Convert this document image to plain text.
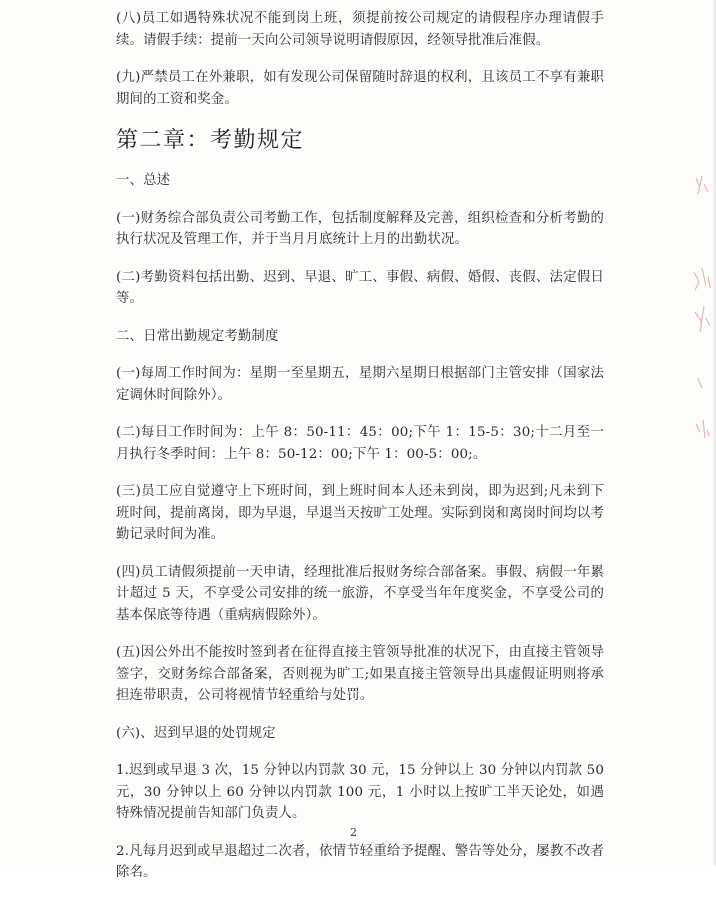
(八)员工如遇特殊状况不能到岗上班，须提前按公司规定的请假程序办理请假手续。请假手续：提前一天向公司领导说明请假原因，经领导批准后准假。

(九)严禁员工在外兼职，如有发现公司保留随时辞退的权利，且该员工不享有兼职期间的工资和奖金。

第二章：考勤规定
一、总述

(一)财务综合部负责公司考勤工作，包括制度解释及完善，组织检查和分析考勤的执行状况及管理工作，并于当月月底统计上月的出勤状况。

(二)考勤资料包括出勤、迟到、早退、旷工、事假、病假、婚假、丧假、法定假日等。

二、日常出勤规定考勤制度

(一)每周工作时间为：星期一至星期五，星期六星期日根据部门主管安排（国家法定调休时间除外）。

(二)每日工作时间为：上午 8：50-11：45：00;下午 1：15-5：30;十二月至一月执行冬季时间：上午 8：50-12：00;下午 1：00-5：00;。

(三)员工应自觉遵守上下班时间，到上班时间本人还未到岗，即为迟到;凡未到下班时间，提前离岗，即为早退，早退当天按旷工处理。实际到岗和离岗时间均以考勤记录时间为准。

(四)员工请假须提前一天申请，经理批准后报财务综合部备案。事假、病假一年累计超过 5 天，不享受公司安排的统一旅游，不享受当年年度奖金，不享受公司的基本保底等待遇（重病病假除外）。

(五)因公外出不能按时签到者在征得直接主管领导批准的状况下，由直接主管领导签字，交财务综合部备案，否则视为旷工;如果直接主管领导出具虚假证明则将承担连带职责，公司将视情节轻重给与处罚。

(六)、迟到早退的处罚规定

1.迟到或早退 3 次，15 分钟以内罚款 30 元，15 分钟以上 30 分钟以内罚款 50 元，30 分钟以上 60 分钟以内罚款 100 元，1 小时以上按旷工半天论处，如遇特殊情况提前告知部门负责人。

2.凡每月迟到或早退超过二次者，依情节轻重给予提醒、警告等处分，屡教不改者除名。

2
